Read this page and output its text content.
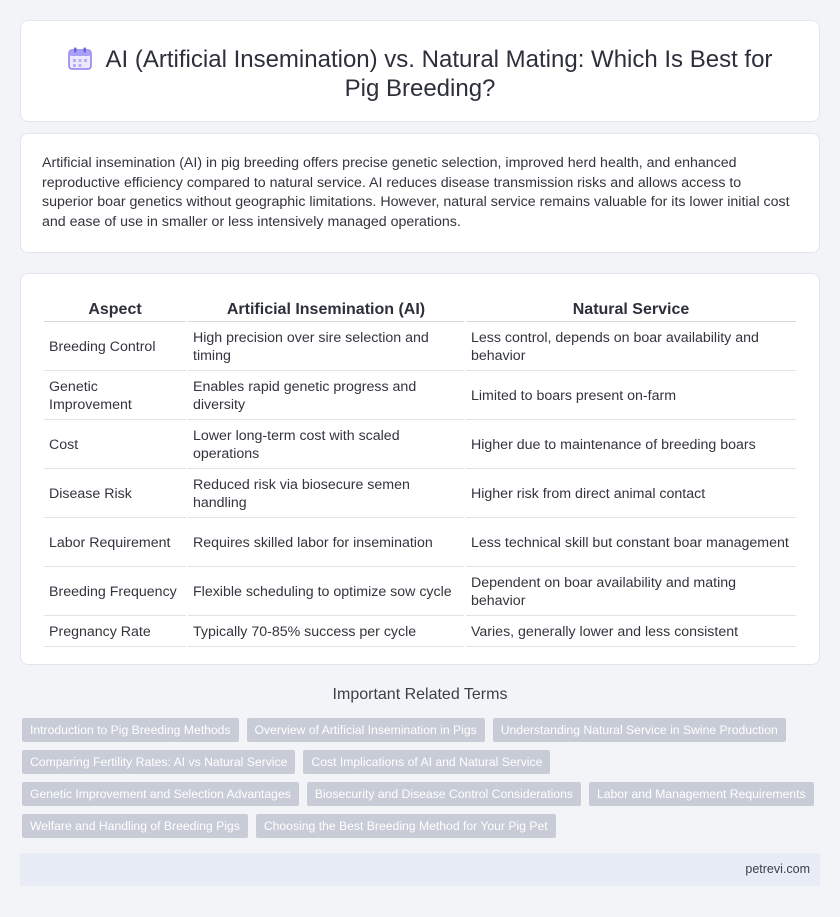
AI (Artificial Insemination) vs. Natural Mating: Which Is Best for Pig Breeding?

Artificial insemination (AI) in pig breeding offers precise genetic selection, improved herd health, and enhanced reproductive efficiency compared to natural service. AI reduces disease transmission risks and allows access to superior boar genetics without geographic limitations. However, natural service remains valuable for its lower initial cost and ease of use in smaller or less intensively managed operations.

Aspect	Artificial Insemination (AI)	Natural Service
Breeding Control	High precision over sire selection and timing	Less control, depends on boar availability and behavior
Genetic Improvement	Enables rapid genetic progress and diversity	Limited to boars present on-farm
Cost	Lower long-term cost with scaled operations	Higher due to maintenance of breeding boars
Disease Risk	Reduced risk via biosecure semen handling	Higher risk from direct animal contact
Labor Requirement	Requires skilled labor for insemination	Less technical skill but constant boar management
Breeding Frequency	Flexible scheduling to optimize sow cycle	Dependent on boar availability and mating behavior
Pregnancy Rate	Typically 70-85% success per cycle	Varies, generally lower and less consistent
Important Related Terms
Introduction to Pig Breeding Methods	Overview of Artificial Insemination in Pigs	Understanding Natural Service in Swine Production
Comparing Fertility Rates: AI vs Natural Service	Cost Implications of AI and Natural Service
Genetic Improvement and Selection Advantages	Biosecurity and Disease Control Considerations	Labor and Management Requirements
Welfare and Handling of Breeding Pigs	Choosing the Best Breeding Method for Your Pig Pet
petrevi.com
